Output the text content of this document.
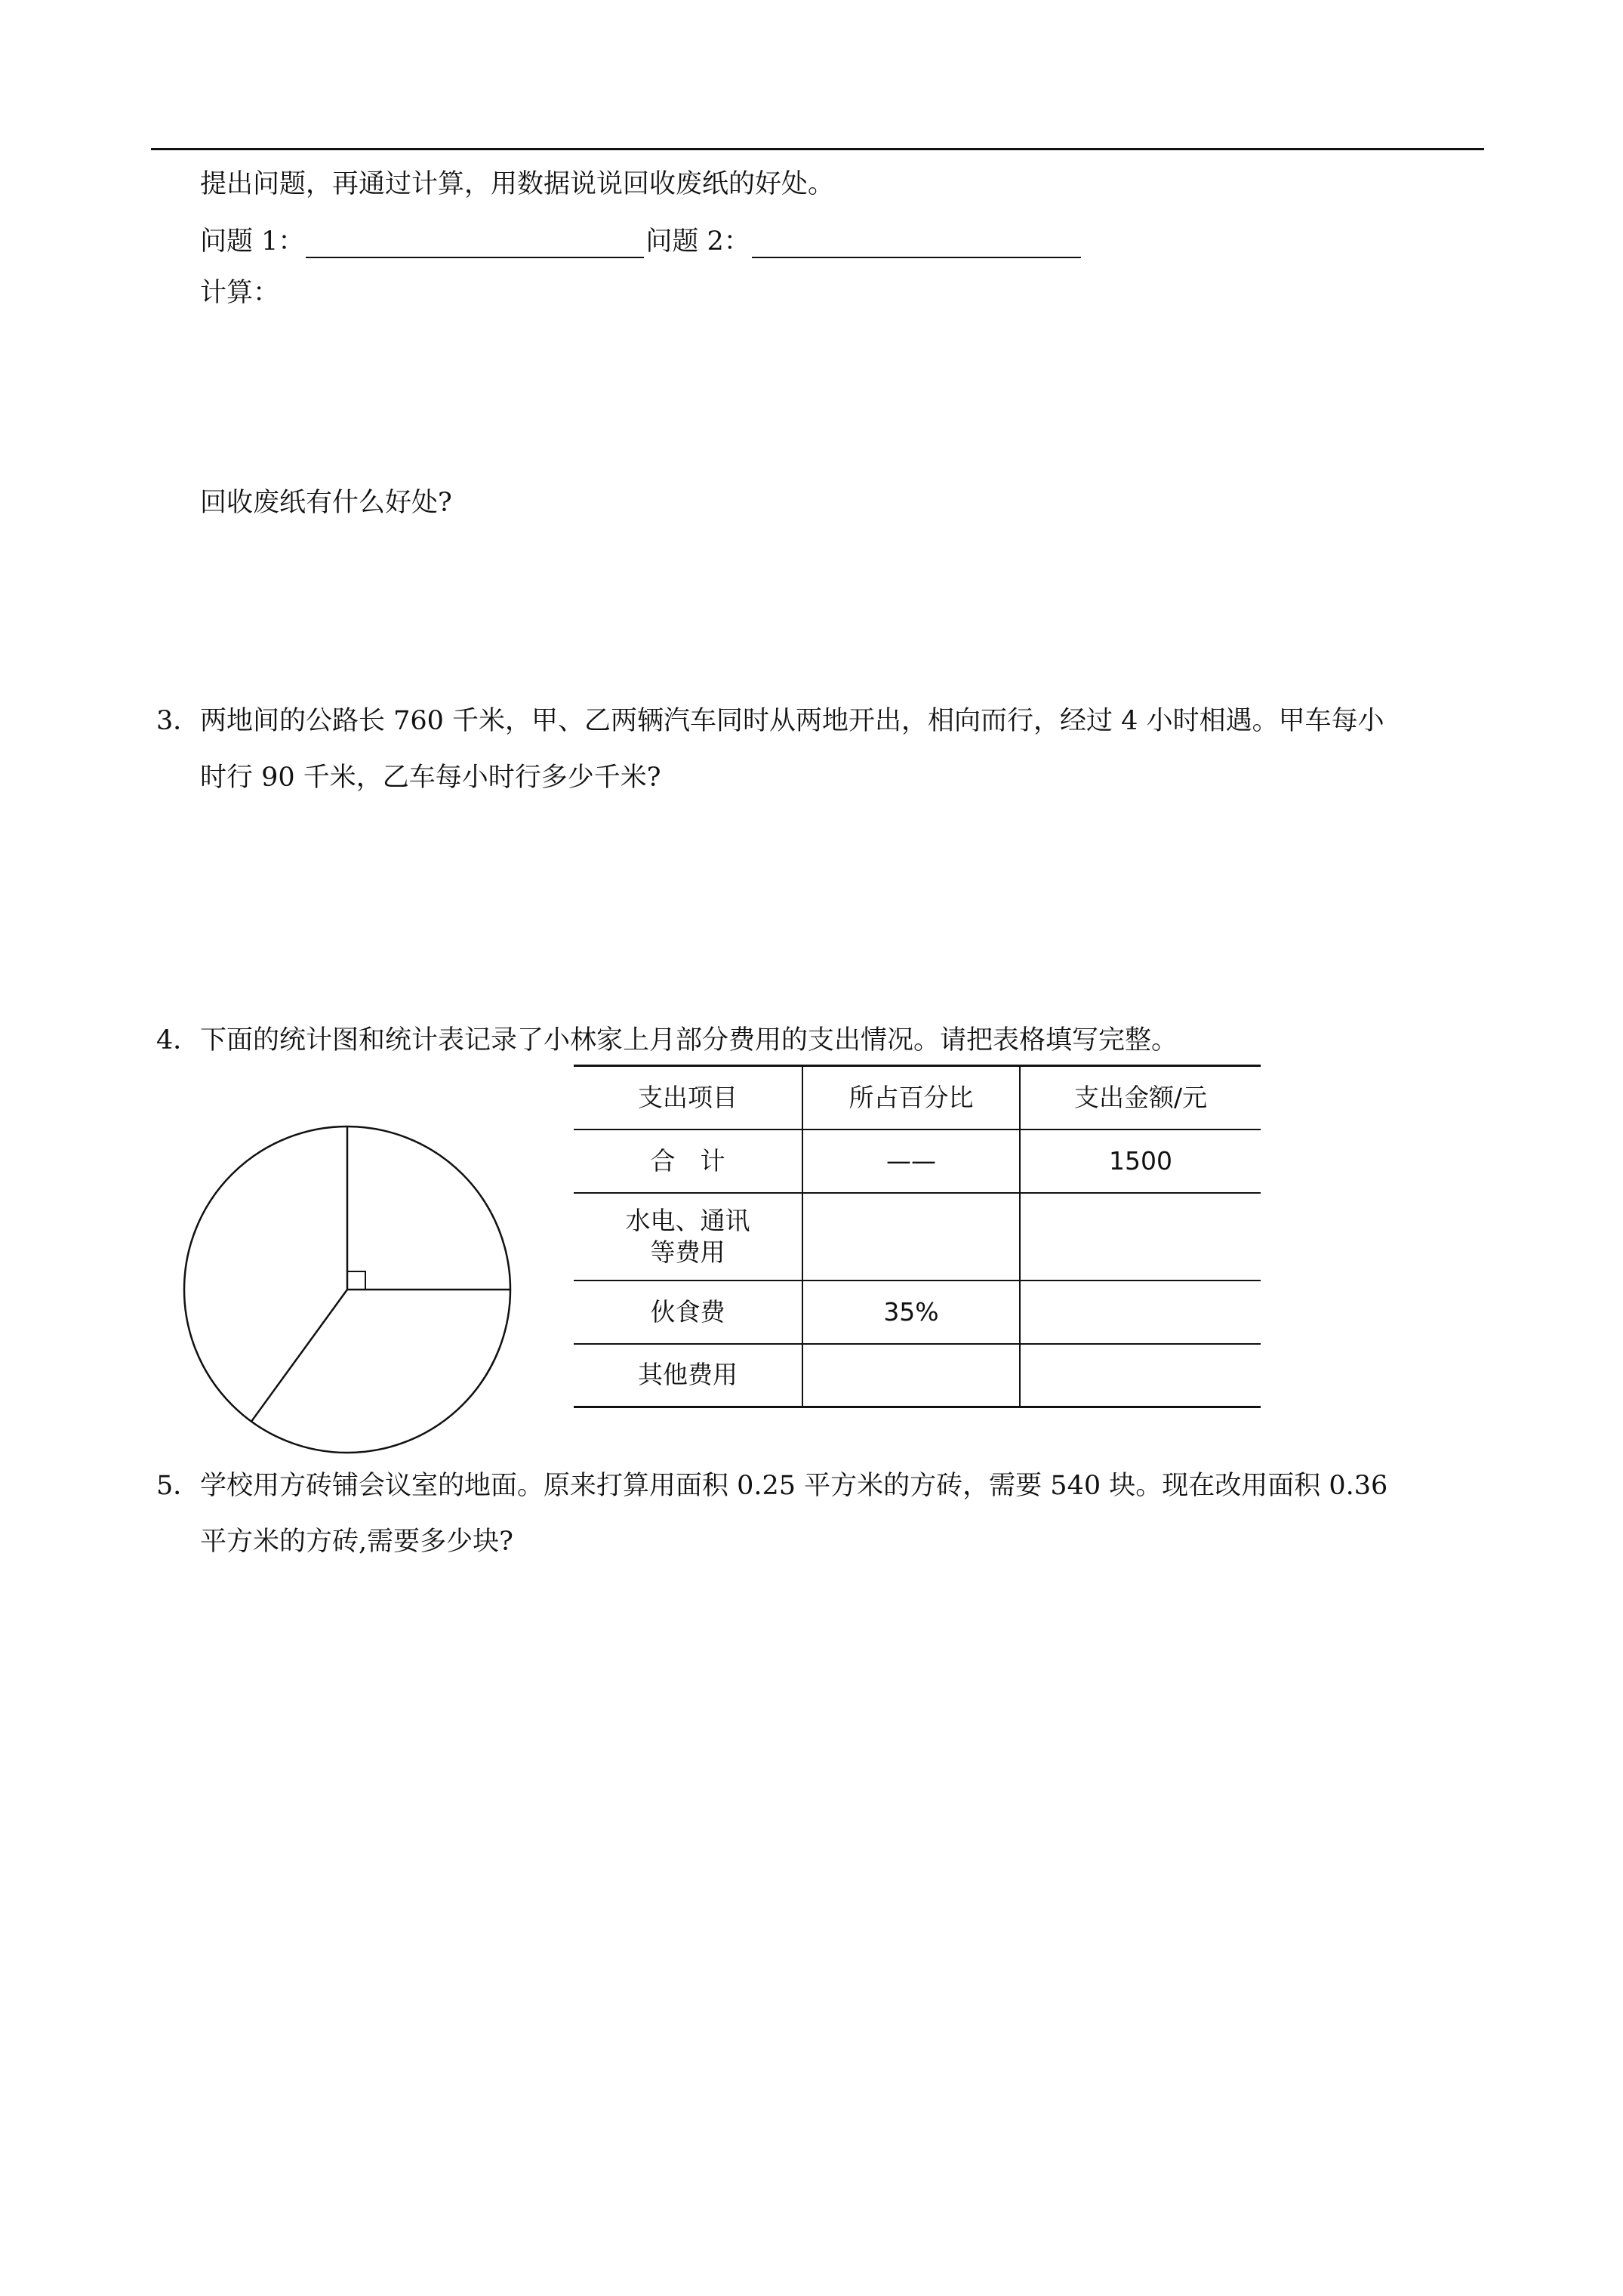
提出问题，再通过计算，用数据说说回收废纸的好处。
问题 1：	问题 2：
计算：
回收废纸有什么好处?
3． 两地间的公路长 760 千米，甲、乙两辆汽车同时从两地开出，相向而行，经过 4 小时相遇。甲车每小
时行 90 千米，乙车每小时行多少千米?
4． 下面的统计图和统计表记录了小林家上月部分费用的支出情况。请把表格填写完整。
支出项目	所占百分比	支出金额/元
合　计	——	1500

水电、通讯
等费用		

伙食费	35%	
其他费用		
5． 学校用方砖铺会议室的地面。原来打算用面积 0.25 平方米的方砖，需要 540 块。现在改用面积 0.36
平方米的方砖,需要多少块?
